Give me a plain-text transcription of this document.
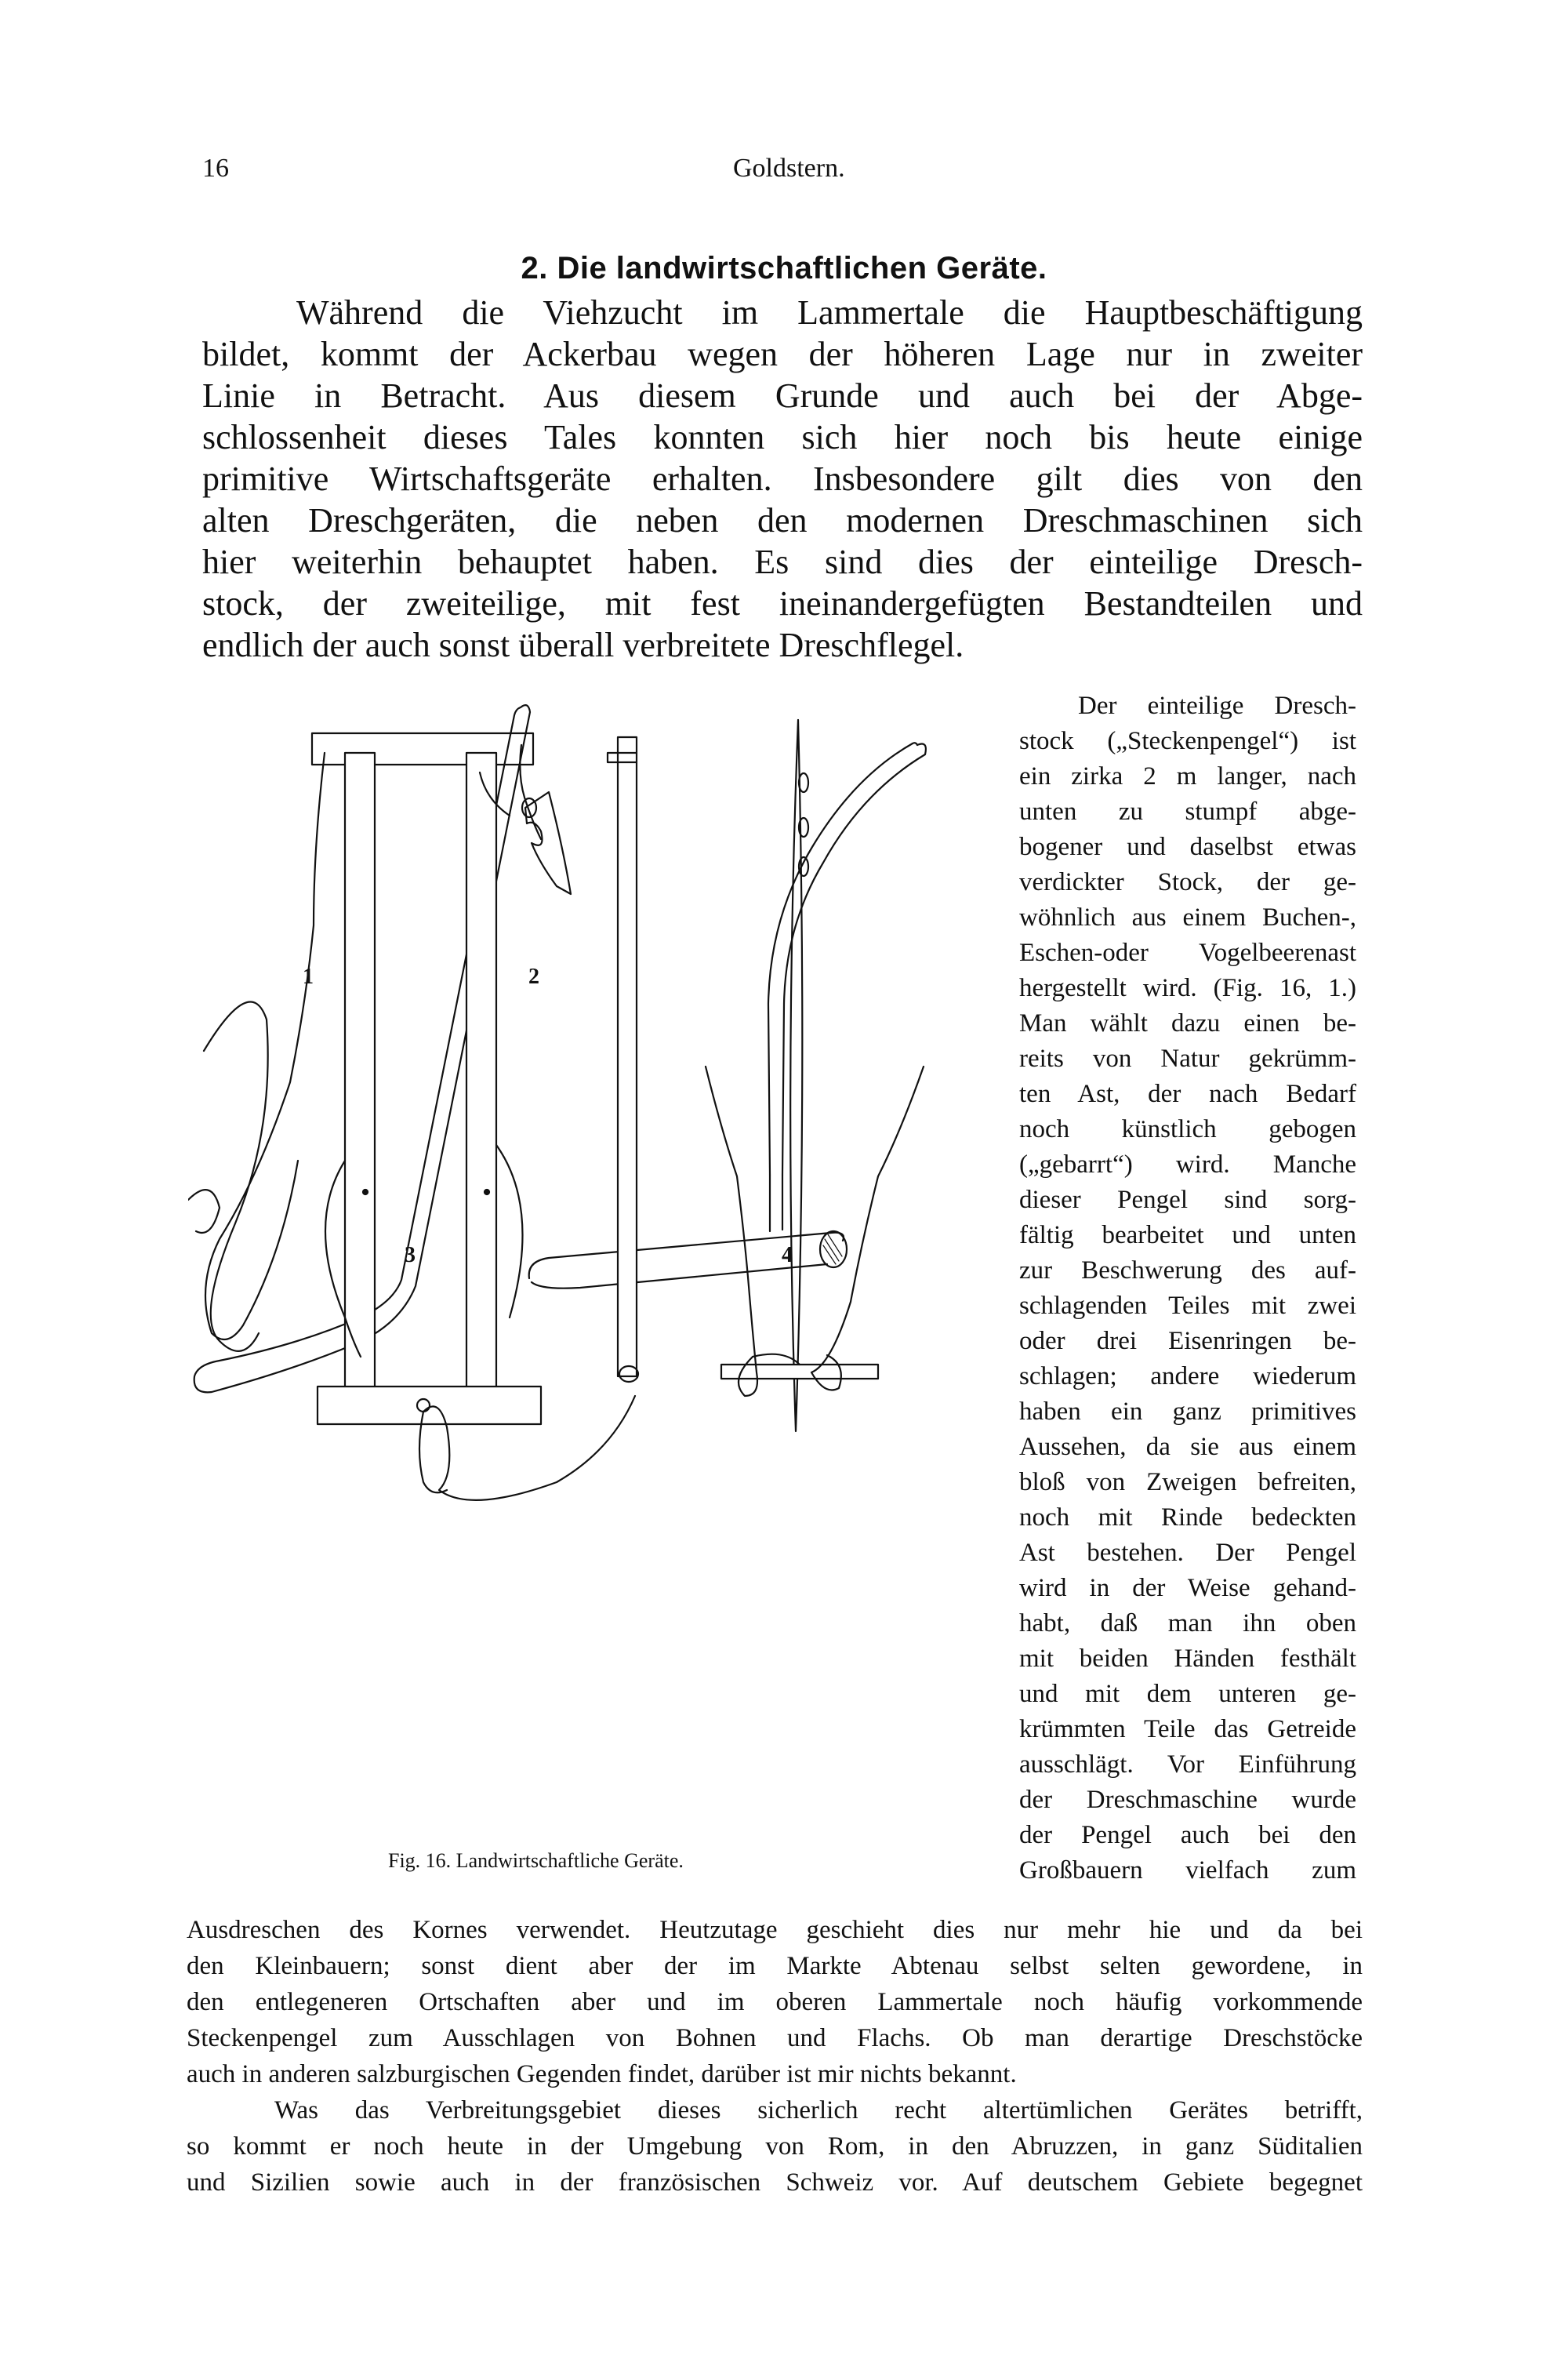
16	Goldstern.
2. Die landwirtschaftlichen Geräte.
Während die Viehzucht im Lammertale die Hauptbeschäftigung
bildet, kommt der Ackerbau wegen der höheren Lage nur in zweiter
Linie in Betracht. Aus diesem Grunde und auch bei der Abge-
schlossenheit dieses Tales konnten sich hier noch bis heute einige
primitive Wirtschaftsgeräte erhalten. Insbesondere gilt dies von den
alten Dreschgeräten, die neben den modernen Dreschmaschinen sich
hier weiterhin behauptet haben. Es sind dies der einteilige Dresch-
stock, der zweiteilige, mit fest ineinandergefügten Bestandteilen und
endlich der auch sonst überall verbreitete Dreschflegel.
Der einteilige Dresch-
stock („Steckenpengel“) ist
ein zirka 2 m langer, nach
unten zu stumpf abge-
bogener und daselbst etwas
verdickter Stock, der ge-
wöhnlich aus einem Buchen-,
Eschen-oder Vogelbeerenast
hergestellt wird. (Fig. 16, 1.)
Man wählt dazu einen be-
reits von Natur gekrümm-
ten Ast, der nach Bedarf
noch künstlich gebogen
(„gebarrt“) wird. Manche
dieser Pengel sind sorg-
fältig bearbeitet und unten
zur Beschwerung des auf-
schlagenden Teiles mit zwei
oder drei Eisenringen be-
schlagen; andere wiederum
haben ein ganz primitives
Aussehen, da sie aus einem
bloß von Zweigen befreiten,
noch mit Rinde bedeckten
Ast bestehen. Der Pengel
wird in der Weise gehand-
habt, daß man ihn oben
mit beiden Händen festhält
und mit dem unteren ge-
krümmten Teile das Getreide
ausschlägt. Vor Einführung
der Dreschmaschine wurde
der Pengel auch bei den
Großbauern vielfach zum
1	2
3	4
Fig. 16. Landwirtschaftliche Geräte.
Ausdreschen des Kornes verwendet. Heutzutage geschieht dies nur mehr hie und da bei
den Kleinbauern; sonst dient aber der im Markte Abtenau selbst selten gewordene, in
den entlegeneren Ortschaften aber und im oberen Lammertale noch häufig vorkommende
Steckenpengel zum Ausschlagen von Bohnen und Flachs. Ob man derartige Dreschstöcke
auch in anderen salzburgischen Gegenden findet, darüber ist mir nichts bekannt.
Was das Verbreitungsgebiet dieses sicherlich recht altertümlichen Gerätes betrifft,
so kommt er noch heute in der Umgebung von Rom, in den Abruzzen, in ganz Süditalien
und Sizilien sowie auch in der französischen Schweiz vor. Auf deutschem Gebiete begegnet
